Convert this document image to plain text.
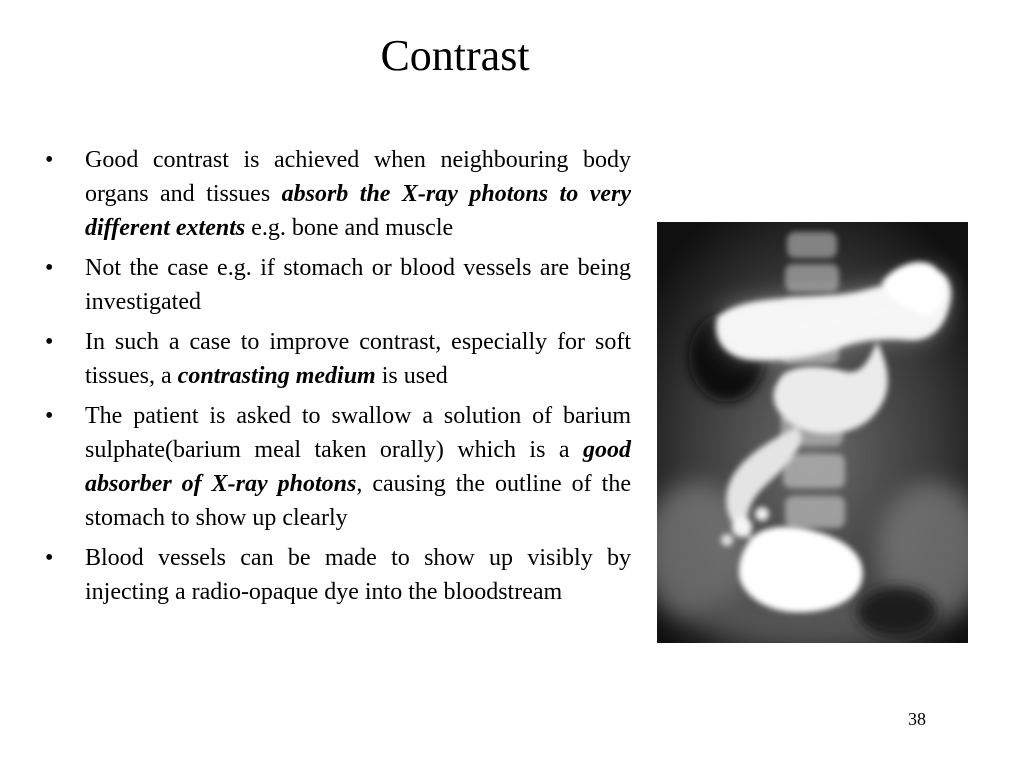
Contrast
•	Good contrast is achieved when neighbouring body organs and tissues absorb the X-ray photons to very different extents e.g. bone and muscle
•	Not the case e.g. if stomach or blood vessels are being investigated
•	In such a case to improve contrast, especially for soft tissues, a contrasting medium is used
•	The patient is asked to swallow a solution of barium sulphate(barium meal taken orally) which is a good absorber of X-ray photons, causing the outline of the stomach to show up clearly
•	Blood vessels can be made to show up visibly by injecting a radio-opaque dye into the bloodstream
38
